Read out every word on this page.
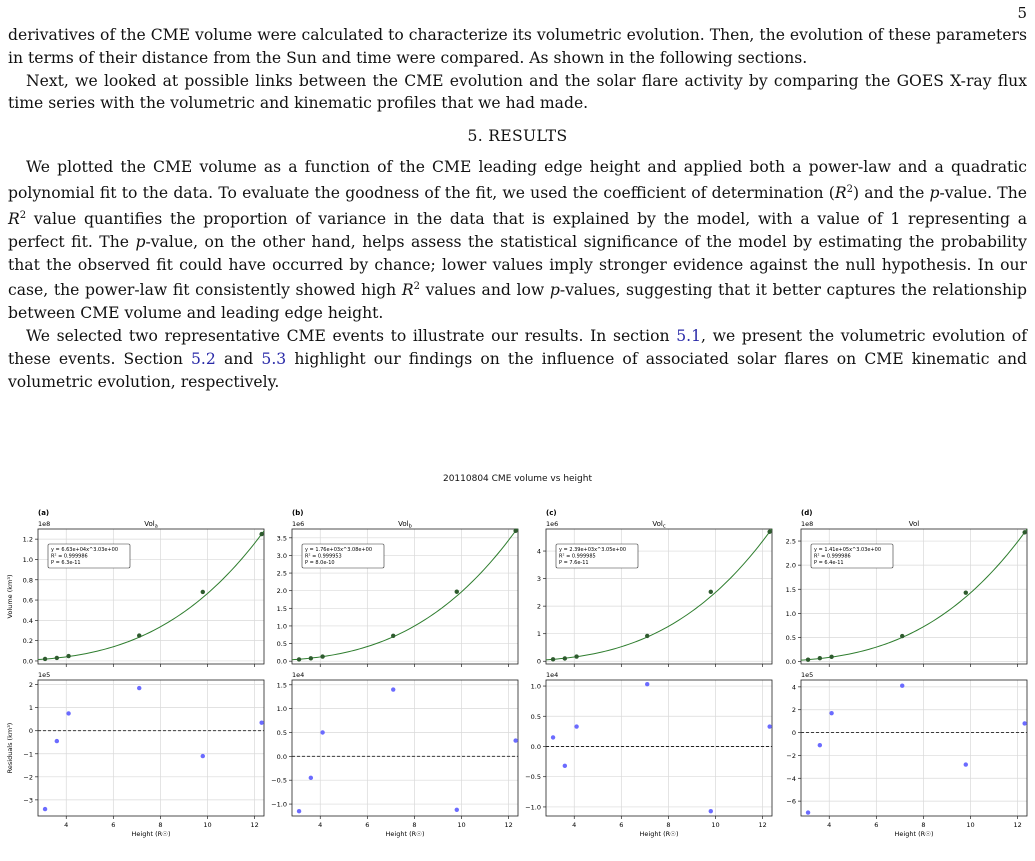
5

derivatives of the CME volume were calculated to characterize its volumetric evolution. Then, the evolution of these parameters in terms of their distance from the Sun and time were compared. As shown in the following sections.

Next, we looked at possible links between the CME evolution and the solar flare activity by comparing the GOES X-ray flux time series with the volumetric and kinematic profiles that we had made.

5. RESULTS

We plotted the CME volume as a function of the CME leading edge height and applied both a power-law and a quadratic polynomial fit to the data. To evaluate the goodness of the fit, we used the coefficient of determination $(R^2)$ and the p-value. The $R^2$ value quantifies the proportion of variance in the data that is explained by the model, with a value of 1 representing a perfect fit. The p-value, on the other hand, helps assess the statistical significance of the model by estimating the probability that the observed fit could have occurred by chance; lower values imply stronger evidence against the null hypothesis. In our case, the power-law fit consistently showed high $R^2$ values and low p-values, suggesting that it better captures the relationship between CME volume and leading edge height.

We selected two representative CME events to illustrate our results. In section 5.1, we present the volumetric evolution of these events. Section 5.2 and 5.3 highlight our findings on the influence of associated solar flares on CME kinematic and volumetric evolution, respectively.

20110804 CME volume vs height
0.0
0.2
0.4
0.6
0.8
1.0
1.2
1e8
(a)
Vol$_a$
Volume (km³)
y = 6.63e+04x^3.03e+00
R² = 0.999986
P = 6.3e-11
−3
−2
−1
0
1
2
4	6	8	10	12
1e5
Height (R☉)
Residuals (km³)
0.0
0.5
1.0
1.5
2.0
2.5
3.0
3.5
1e6
(b)
Vol$_b$
y = 1.76e+03x^3.08e+00
R² = 0.999953
P = 8.0e-10
−1.0
−0.5
0.0
0.5
1.0
1.5
4	6	8	10	12
1e4
Height (R☉)
0
1
2
3
4
1e6
(c)
Vol$_c$
y = 2.39e+03x^3.05e+00
R² = 0.999985
P = 7.6e-11
−1.0
−0.5
0.0
0.5
1.0
4	6	8	10	12
1e4
Height (R☉)
0.0
0.5
1.0
1.5
2.0
2.5
1e8
(d)
Vol
y = 1.41e+05x^3.03e+00
R² = 0.999986
P = 6.4e-11
−6
−4
−2
0
2
4
4	6	8	10	12
1e5
Height (R☉)
